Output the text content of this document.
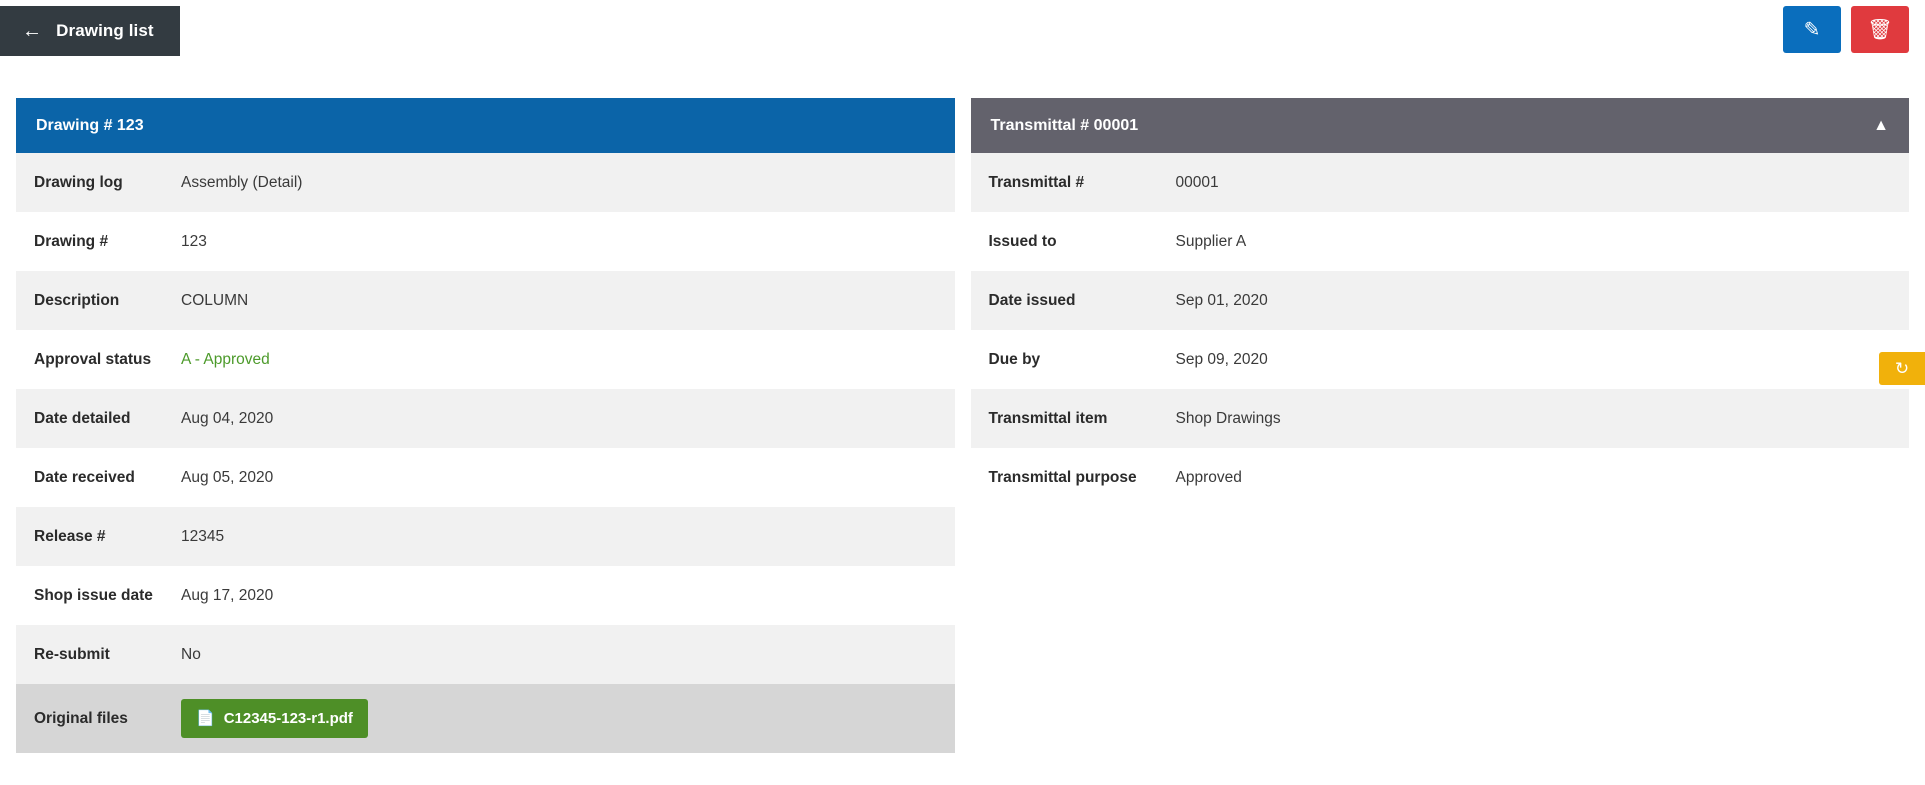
← Drawing list	✎ 🗑
Drawing # 123
Drawing log	Assembly (Detail)
Drawing #	123
Description	COLUMN
Approval status	A - Approved
Date detailed	Aug 04, 2020
Date received	Aug 05, 2020
Release #	12345
Shop issue date	Aug 17, 2020
Re-submit	No
Original files	📄 C12345-123-r1.pdf
Transmittal # 00001	▲
Transmittal #	00001
Issued to	Supplier A
Date issued	Sep 01, 2020
Due by	Sep 09, 2020
Transmittal item	Shop Drawings
Transmittal purpose	Approved
↻
